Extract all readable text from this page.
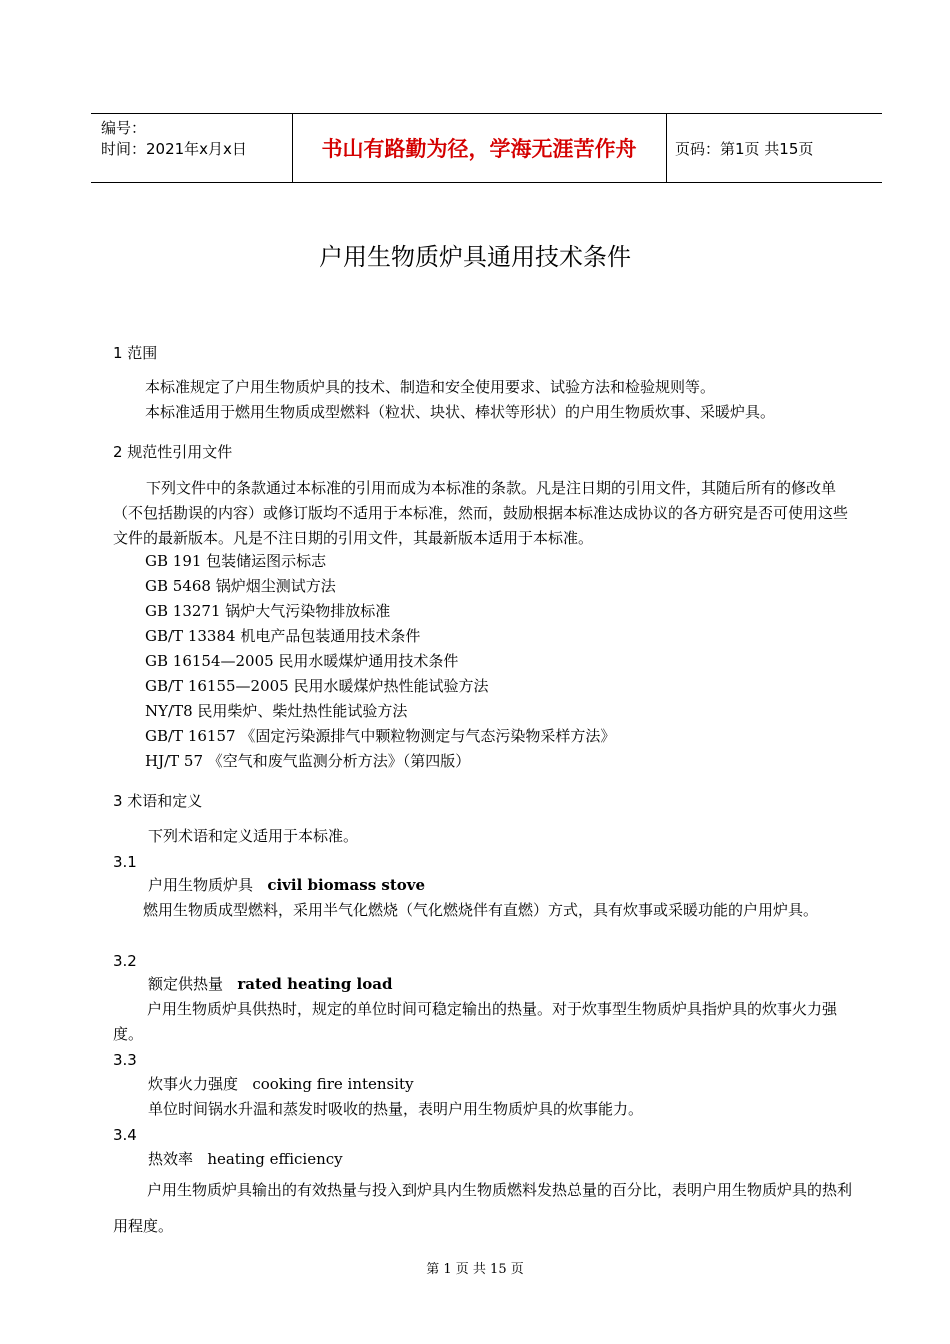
编号：
时间：2021年x月x日	书山有路勤为径，学海无涯苦作舟	页码：第1页 共15页
户用生物质炉具通用技术条件
1 范围
本标准规定了户用生物质炉具的技术、制造和安全使用要求、试验方法和检验规则等。
本标准适用于燃用生物质成型燃料（粒状、块状、棒状等形状）的户用生物质炊事、采暖炉具。
2 规范性引用文件
下列文件中的条款通过本标准的引用而成为本标准的条款。凡是注日期的引用文件，其随后所有的修改单（不包括勘误的内容）或修订版均不适用于本标准，然而，鼓励根据本标准达成协议的各方研究是否可使用这些文件的最新版本。凡是不注日期的引用文件，其最新版本适用于本标准。
GB 191 包装储运图示标志
GB 5468 锅炉烟尘测试方法
GB 13271 锅炉大气污染物排放标准
GB/T 13384 机电产品包装通用技术条件
GB 16154—2005 民用水暖煤炉通用技术条件
GB/T 16155—2005 民用水暖煤炉热性能试验方法
NY/T8 民用柴炉、柴灶热性能试验方法
GB/T 16157 《固定污染源排气中颗粒物测定与气态污染物采样方法》
HJ/T 57 《空气和废气监测分析方法》（第四版）
3 术语和定义
下列术语和定义适用于本标准。
3.1
户用生物质炉具 civil biomass stove
燃用生物质成型燃料，采用半气化燃烧（气化燃烧伴有直燃）方式，具有炊事或采暖功能的户用炉具。
3.2
额定供热量 rated heating load
户用生物质炉具供热时，规定的单位时间可稳定输出的热量。对于炊事型生物质炉具指炉具的炊事火力强度。
3.3
炊事火力强度 cooking fire intensity
单位时间锅水升温和蒸发时吸收的热量，表明户用生物质炉具的炊事能力。
3.4
热效率 heating efficiency
户用生物质炉具输出的有效热量与投入到炉具内生物质燃料发热总量的百分比，表明户用生物质炉具的热利用程度。
第 1 页 共 15 页
